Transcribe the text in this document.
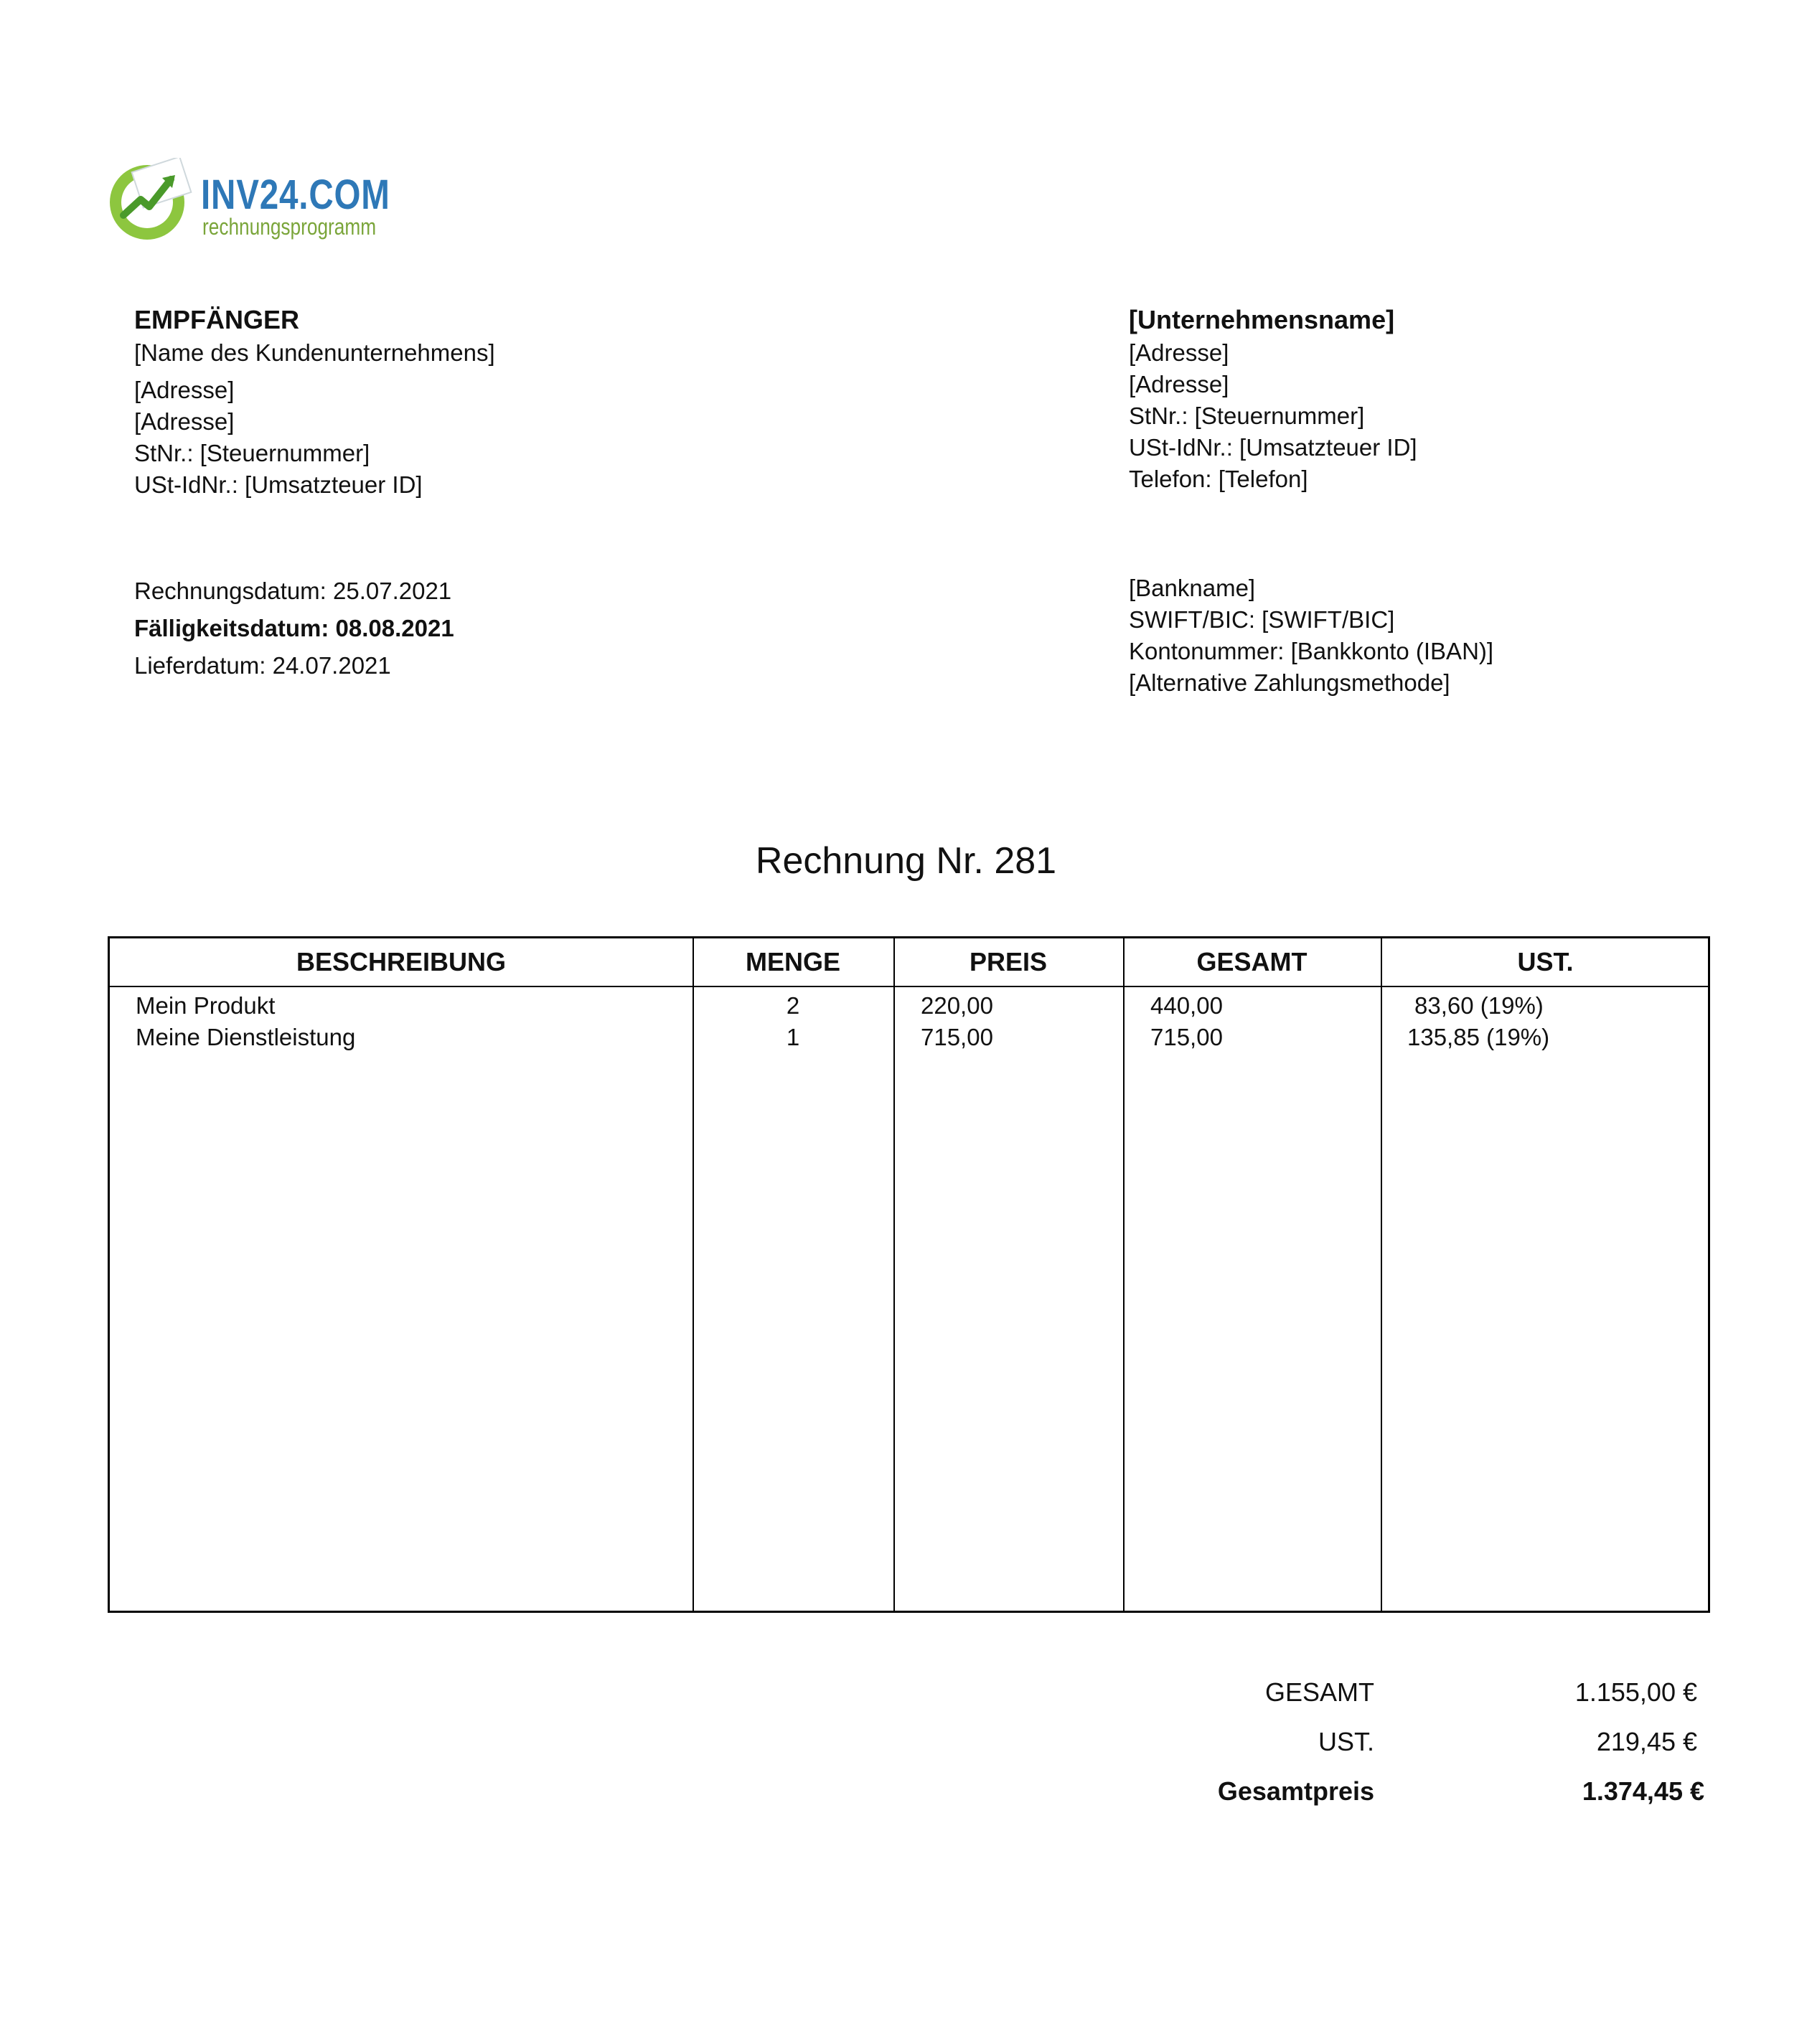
INV24.COM
rechnungsprogramm
EMPFÄNGER
[Name des Kundenunternehmens]
[Adresse]
[Adresse]
StNr.: [Steuernummer]
USt-IdNr.: [Umsatzteuer ID]
[Unternehmensname]
[Adresse]
[Adresse]
StNr.: [Steuernummer]
USt-IdNr.: [Umsatzteuer ID]
Telefon: [Telefon]
Rechnungsdatum: 25.07.2021
Fälligkeitsdatum: 08.08.2021
Lieferdatum: 24.07.2021
[Bankname]
SWIFT/BIC: [SWIFT/BIC]
Kontonummer: [Bankkonto (IBAN)]
[Alternative Zahlungsmethode]
Rechnung Nr. 281
BESCHREIBUNG	MENGE	PREIS	GESAMT	UST.
Mein Produkt	2	220,00	440,00	83,60 (19%)
Meine Dienstleistung	1	715,00	715,00	135,85 (19%)
GESAMT	1.155,00 €
UST.	219,45 €
Gesamtpreis	1.374,45 €
